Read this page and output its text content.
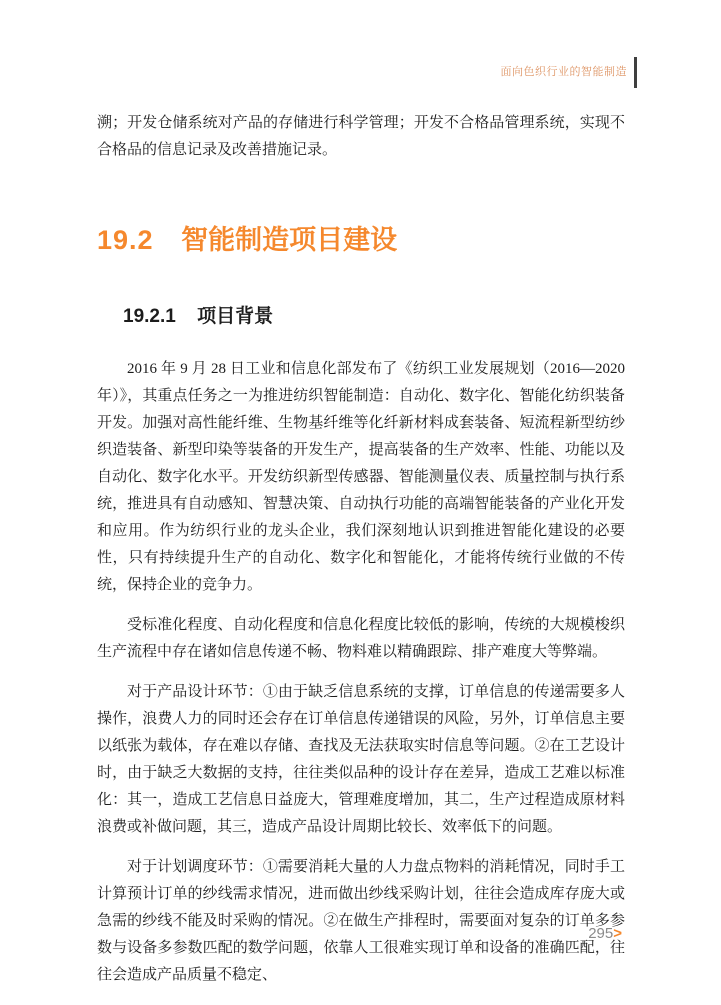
面向色织行业的智能制造

溯；开发仓储系统对产品的存储进行科学管理；开发不合格品管理系统，实现不合格品的信息记录及改善措施记录。

19.2 智能制造项目建设
19.2.1 项目背景

2016 年 9 月 28 日工业和信息化部发布了《纺织工业发展规划（2016—2020 年）》，其重点任务之一为推进纺织智能制造：自动化、数字化、智能化纺织装备开发。加强对高性能纤维、生物基纤维等化纤新材料成套装备、短流程新型纺纱织造装备、新型印染等装备的开发生产，提高装备的生产效率、性能、功能以及自动化、数字化水平。开发纺织新型传感器、智能测量仪表、质量控制与执行系统，推进具有自动感知、智慧决策、自动执行功能的高端智能装备的产业化开发和应用。作为纺织行业的龙头企业，我们深刻地认识到推进智能化建设的必要性，只有持续提升生产的自动化、数字化和智能化，才能将传统行业做的不传统，保持企业的竞争力。

受标准化程度、自动化程度和信息化程度比较低的影响，传统的大规模梭织生产流程中存在诸如信息传递不畅、物料难以精确跟踪、排产难度大等弊端。

对于产品设计环节：①由于缺乏信息系统的支撑，订单信息的传递需要多人操作，浪费人力的同时还会存在订单信息传递错误的风险，另外，订单信息主要以纸张为载体，存在难以存储、查找及无法获取实时信息等问题。②在工艺设计时，由于缺乏大数据的支持，往往类似品种的设计存在差异，造成工艺难以标准化：其一，造成工艺信息日益庞大，管理难度增加，其二，生产过程造成原材料浪费或补做问题，其三，造成产品设计周期比较长、效率低下的问题。

对于计划调度环节：①需要消耗大量的人力盘点物料的消耗情况，同时手工计算预计订单的纱线需求情况，进而做出纱线采购计划，往往会造成库存庞大或急需的纱线不能及时采购的情况。②在做生产排程时，需要面对复杂的订单多参数与设备多参数匹配的数学问题，依靠人工很难实现订单和设备的准确匹配，往往会造成产品质量不稳定、

295>
